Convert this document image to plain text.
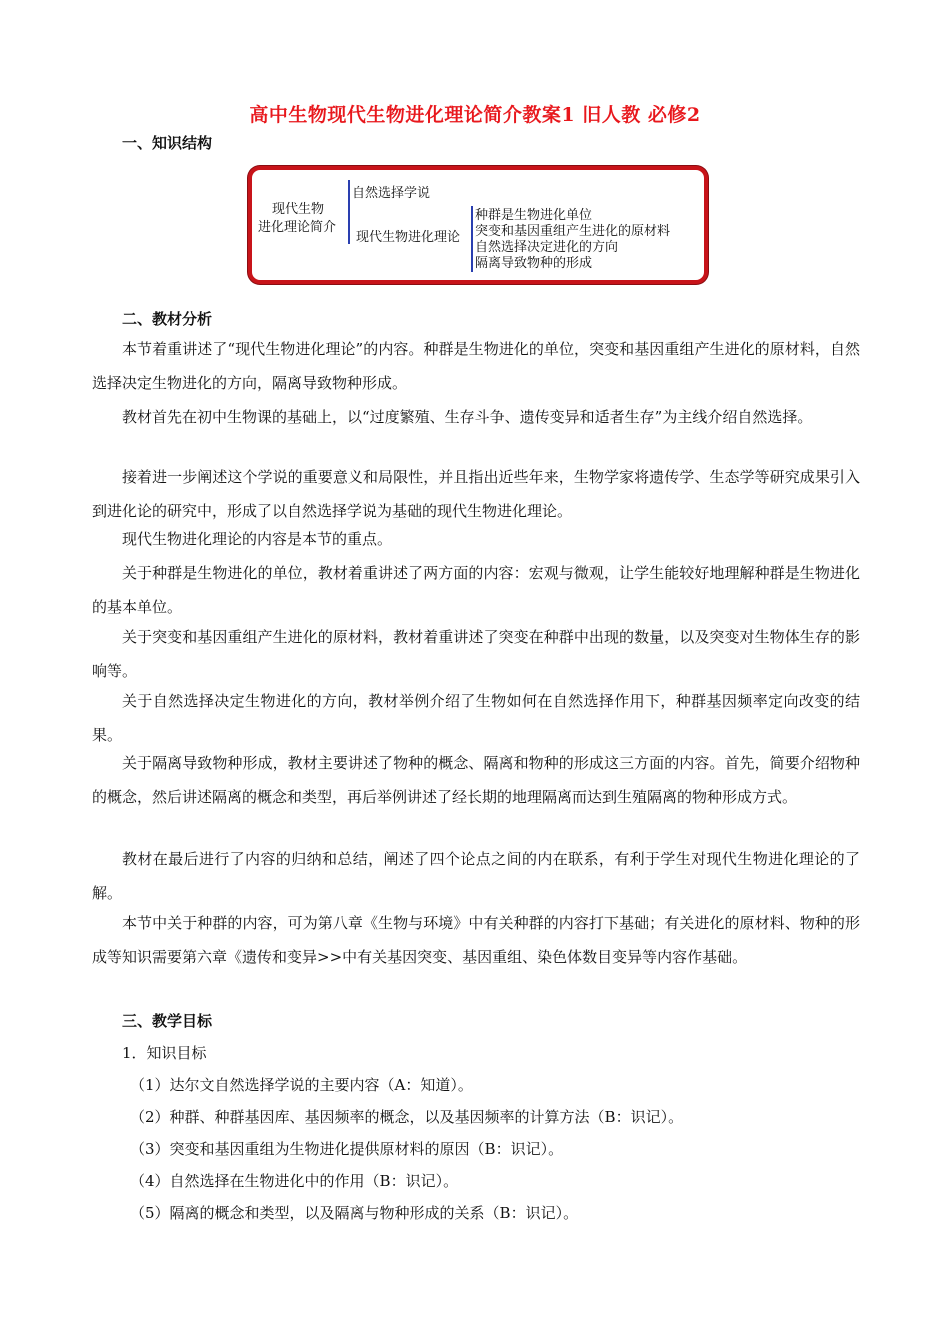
高中生物现代生物进化理论简介教案1 旧人教 必修2
一、知识结构
现代生物
进化理论简介
自然选择学说
现代生物进化理论
种群是生物进化单位
突变和基因重组产生进化的原材料
自然选择决定进化的方向
隔离导致物种的形成
二、教材分析

本节着重讲述了“现代生物进化理论”的内容。种群是生物进化的单位，突变和基因重组产生进化的原材料，自然选择决定生物进化的方向，隔离导致物种形成。

教材首先在初中生物课的基础上，以“过度繁殖、生存斗争、遗传变异和适者生存”为主线介绍自然选择。

接着进一步阐述这个学说的重要意义和局限性，并且指出近些年来，生物学家将遗传学、生态学等研究成果引入到进化论的研究中，形成了以自然选择学说为基础的现代生物进化理论。

现代生物进化理论的内容是本节的重点。

关于种群是生物进化的单位，教材着重讲述了两方面的内容：宏观与微观，让学生能较好地理解种群是生物进化的基本单位。

关于突变和基因重组产生进化的原材料，教材着重讲述了突变在种群中出现的数量，以及突变对生物体生存的影响等。

关于自然选择决定生物进化的方向，教材举例介绍了生物如何在自然选择作用下，种群基因频率定向改变的结果。

关于隔离导致物种形成，教材主要讲述了物种的概念、隔离和物种的形成这三方面的内容。首先，简要介绍物种的概念，然后讲述隔离的概念和类型，再后举例讲述了经长期的地理隔离而达到生殖隔离的物种形成方式。

教材在最后进行了内容的归纳和总结，阐述了四个论点之间的内在联系，有利于学生对现代生物进化理论的了解。

本节中关于种群的内容，可为第八章《生物与环境》中有关种群的内容打下基础；有关进化的原材料、物种的形成等知识需要第六章《遗传和变异>>中有关基因突变、基因重组、染色体数目变异等内容作基础。

三、教学目标
1．知识目标
（1）达尔文自然选择学说的主要内容（A：知道）。
（2）种群、种群基因库、基因频率的概念，以及基因频率的计算方法（B：识记）。
（3）突变和基因重组为生物进化提供原材料的原因（B：识记）。
（4）自然选择在生物进化中的作用（B：识记）。
（5）隔离的概念和类型，以及隔离与物种形成的关系（B：识记）。
